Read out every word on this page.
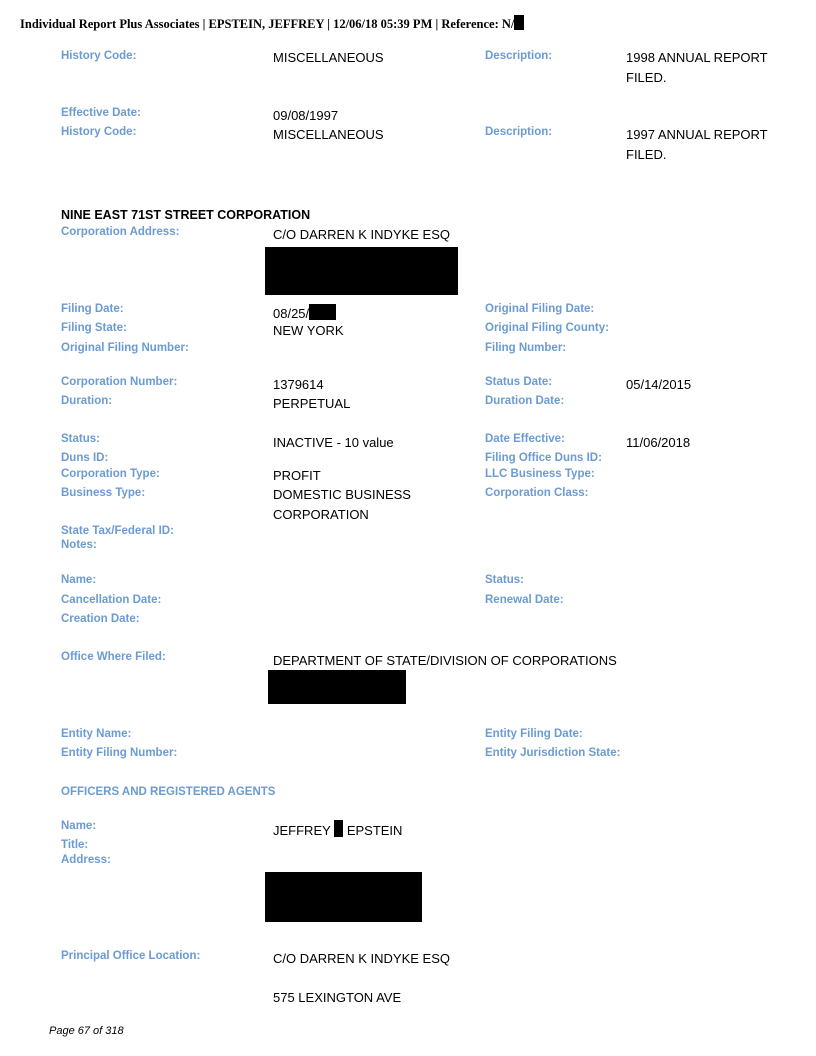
Individual Report Plus Associates | EPSTEIN, JEFFREY | 12/06/18 05:39 PM | Reference: N/
History Code:	MISCELLANEOUS	Description:	1998 ANNUAL REPORT
FILED.
Effective Date:	09/08/1997
History Code:	MISCELLANEOUS	Description:	1997 ANNUAL REPORT
FILED.
NINE EAST 71ST STREET CORPORATION
Corporation Address:	C/O DARREN K INDYKE ESQ
Filing Date:	08/25/	Original Filing Date:
Filing State:	NEW YORK	Original Filing County:
Original Filing Number:	Filing Number:
Corporation Number:	1379614	Status Date:	05/14/2015
Duration:	PERPETUAL	Duration Date:
Status:	INACTIVE - 10 value	Date Effective:	11/06/2018
Duns ID:	Filing Office Duns ID:
Corporation Type:	PROFIT	LLC Business Type:
Business Type:	DOMESTIC BUSINESS
CORPORATION
Corporation Class:
State Tax/Federal ID:
Notes:
Name:	Status:
Cancellation Date:	Renewal Date:
Creation Date:
Office Where Filed:	DEPARTMENT OF STATE/DIVISION OF CORPORATIONS
Entity Name:	Entity Filing Date:
Entity Filing Number:	Entity Jurisdiction State:
OFFICERS AND REGISTERED AGENTS
Name:	JEFFREY EPSTEIN
Title:
Address:
Principal Office Location:	C/O DARREN K INDYKE ESQ
575 LEXINGTON AVE
Page 67 of 318
